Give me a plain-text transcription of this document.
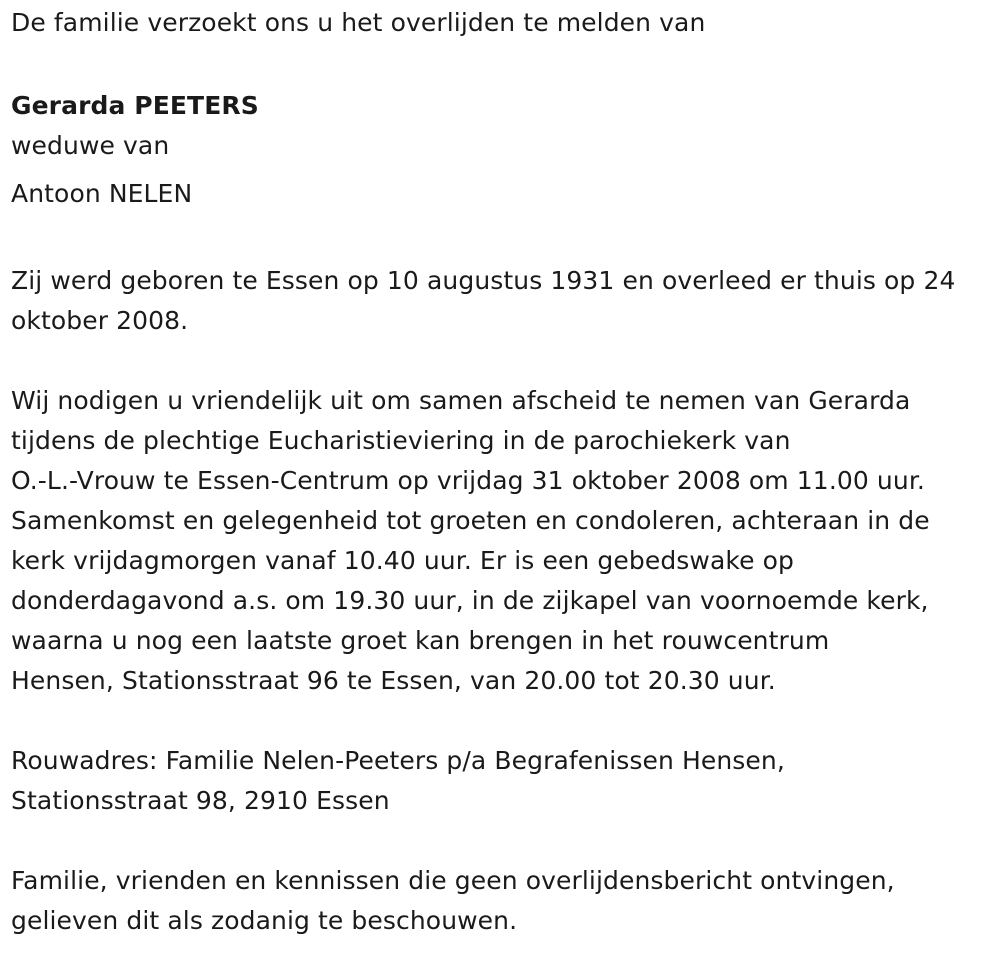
De familie verzoekt ons u het overlijden te melden van
Gerarda PEETERS
weduwe van
Antoon NELEN
Zij werd geboren te Essen op 10 augustus 1931 en overleed er thuis op 24
oktober 2008.
Wij nodigen u vriendelijk uit om samen afscheid te nemen van Gerarda
tijdens de plechtige Eucharistieviering in de parochiekerk van
O.-L.-Vrouw te Essen-Centrum op vrijdag 31 oktober 2008 om 11.00 uur.
Samenkomst en gelegenheid tot groeten en condoleren, achteraan in de
kerk vrijdagmorgen vanaf 10.40 uur. Er is een gebedswake op
donderdagavond a.s. om 19.30 uur, in de zijkapel van voornoemde kerk,
waarna u nog een laatste groet kan brengen in het rouwcentrum
Hensen, Stationsstraat 96 te Essen, van 20.00 tot 20.30 uur.
Rouwadres: Familie Nelen-Peeters p/a Begrafenissen Hensen,
Stationsstraat 98, 2910 Essen
Familie, vrienden en kennissen die geen overlijdensbericht ontvingen,
gelieven dit als zodanig te beschouwen.
